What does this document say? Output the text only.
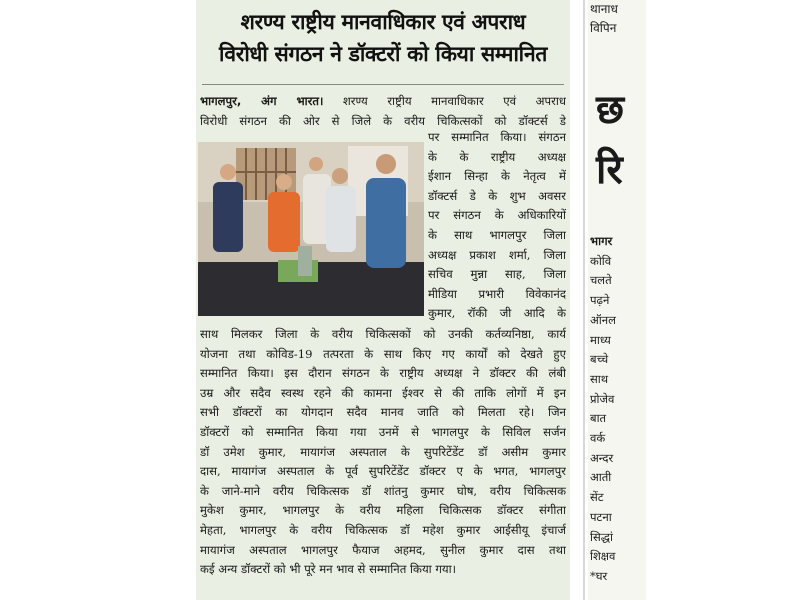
शरण्य राष्ट्रीय मानवाधिकार एवं अपराध
विरोधी संगठन ने डॉक्टरों को किया सम्मानित
भागलपुर, अंग भारत। शरण्य राष्ट्रीय मानवाधिकार एवं अपराध
विरोधी संगठन की ओर से जिले के वरीय चिकित्सकों को डॉक्टर्स डे
पर सम्मानित किया। संगठन
के के राष्ट्रीय अध्यक्ष
ईशान सिन्हा के नेतृत्व में
डॉक्टर्स डे के शुभ अवसर
पर संगठन के अधिकारियों
के साथ भागलपुर जिला
अध्यक्ष प्रकाश शर्मा, जिला
सचिव मुन्ना साह, जिला
मीडिया प्रभारी विवेकानंद
कुमार, रॉकी जी आदि के
साथ मिलकर जिला के वरीय चिकित्सकों को उनकी कर्तव्यनिष्ठा, कार्य
योजना तथा कोविड-19 तत्परता के साथ किए गए कार्यों को देखते हुए
सम्मानित किया। इस दौरान संगठन के राष्ट्रीय अध्यक्ष ने डॉक्टर की लंबी
उम्र और सदैव स्वस्थ रहने की कामना ईश्वर से की ताकि लोगों में इन
सभी डॉक्टरों का योगदान सदैव मानव जाति को मिलता रहे। जिन
डॉक्टरों को सम्मानित किया गया उनमें से भागलपुर के सिविल सर्जन
डॉ उमेश कुमार, मायागंज अस्पताल के सुपरिटेंडेंट डॉ असीम कुमार
दास, मायागंज अस्पताल के पूर्व सुपरिटेंडेंट डॉक्टर ए के भगत, भागलपुर
के जाने-माने वरीय चिकित्सक डॉ शांतनु कुमार घोष, वरीय चिकित्सक
मुकेश कुमार, भागलपुर के वरीय महिला चिकित्सक डॉक्टर संगीता
मेहता, भागलपुर के वरीय चिकित्सक डॉ महेश कुमार आईसीयू इंचार्ज
मायागंज अस्पताल भागलपुर फैयाज अहमद, सुनील कुमार दास तथा
कई अन्य डॉक्टरों को भी पूरे मन भाव से सम्मानित किया गया।
थानाध
विपिन
छ
रि
भागर
कोवि
चलते
पढ़ने
ऑनल
माध्य
बच्चे
साथ
प्रोजेव
बात
वर्क
अन्दर
आती
सेंट
पटना
सिद्धां
शिक्षव
*घर
